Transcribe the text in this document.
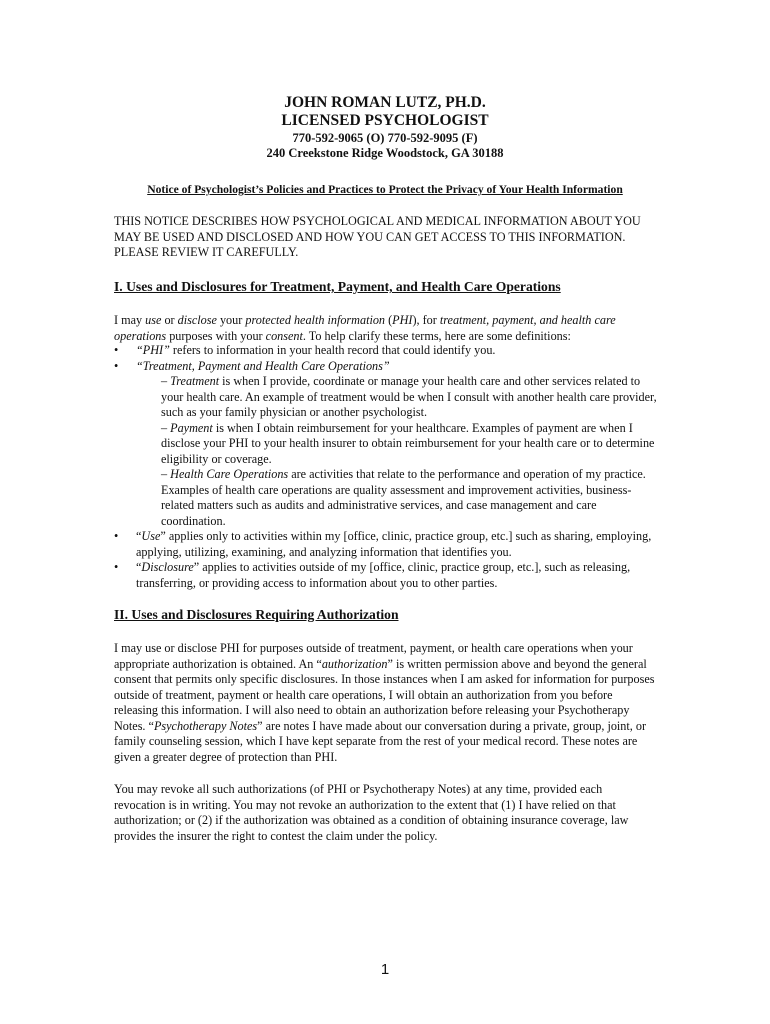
JOHN ROMAN LUTZ, PH.D.
LICENSED PSYCHOLOGIST
770-592-9065 (O) 770-592-9095 (F)
240 Creekstone Ridge Woodstock, GA 30188
Notice of Psychologist’s Policies and Practices to Protect the Privacy of Your Health Information
THIS NOTICE DESCRIBES HOW PSYCHOLOGICAL AND MEDICAL INFORMATION ABOUT YOU MAY BE USED AND DISCLOSED AND HOW YOU CAN GET ACCESS TO THIS INFORMATION. PLEASE REVIEW IT CAREFULLY.
I. Uses and Disclosures for Treatment, Payment, and Health Care Operations
I may use or disclose your protected health information (PHI), for treatment, payment, and health care operations purposes with your consent. To help clarify these terms, here are some definitions:
• “PHI” refers to information in your health record that could identify you.
• “Treatment, Payment and Health Care Operations”
– Treatment is when I provide, coordinate or manage your health care and other services related to your health care. An example of treatment would be when I consult with another health care provider, such as your family physician or another psychologist.
– Payment is when I obtain reimbursement for your healthcare. Examples of payment are when I disclose your PHI to your health insurer to obtain reimbursement for your health care or to determine eligibility or coverage.
– Health Care Operations are activities that relate to the performance and operation of my practice. Examples of health care operations are quality assessment and improvement activities, business-related matters such as audits and administrative services, and case management and care coordination.
• “Use” applies only to activities within my [office, clinic, practice group, etc.] such as sharing, employing, applying, utilizing, examining, and analyzing information that identifies you.
• “Disclosure” applies to activities outside of my [office, clinic, practice group, etc.], such as releasing, transferring, or providing access to information about you to other parties.
II. Uses and Disclosures Requiring Authorization
I may use or disclose PHI for purposes outside of treatment, payment, or health care operations when your appropriate authorization is obtained. An “authorization” is written permission above and beyond the general consent that permits only specific disclosures. In those instances when I am asked for information for purposes outside of treatment, payment or health care operations, I will obtain an authorization from you before releasing this information. I will also need to obtain an authorization before releasing your Psychotherapy Notes. “Psychotherapy Notes” are notes I have made about our conversation during a private, group, joint, or family counseling session, which I have kept separate from the rest of your medical record. These notes are given a greater degree of protection than PHI.
You may revoke all such authorizations (of PHI or Psychotherapy Notes) at any time, provided each revocation is in writing. You may not revoke an authorization to the extent that (1) I have relied on that authorization; or (2) if the authorization was obtained as a condition of obtaining insurance coverage, law provides the insurer the right to contest the claim under the policy.
1
